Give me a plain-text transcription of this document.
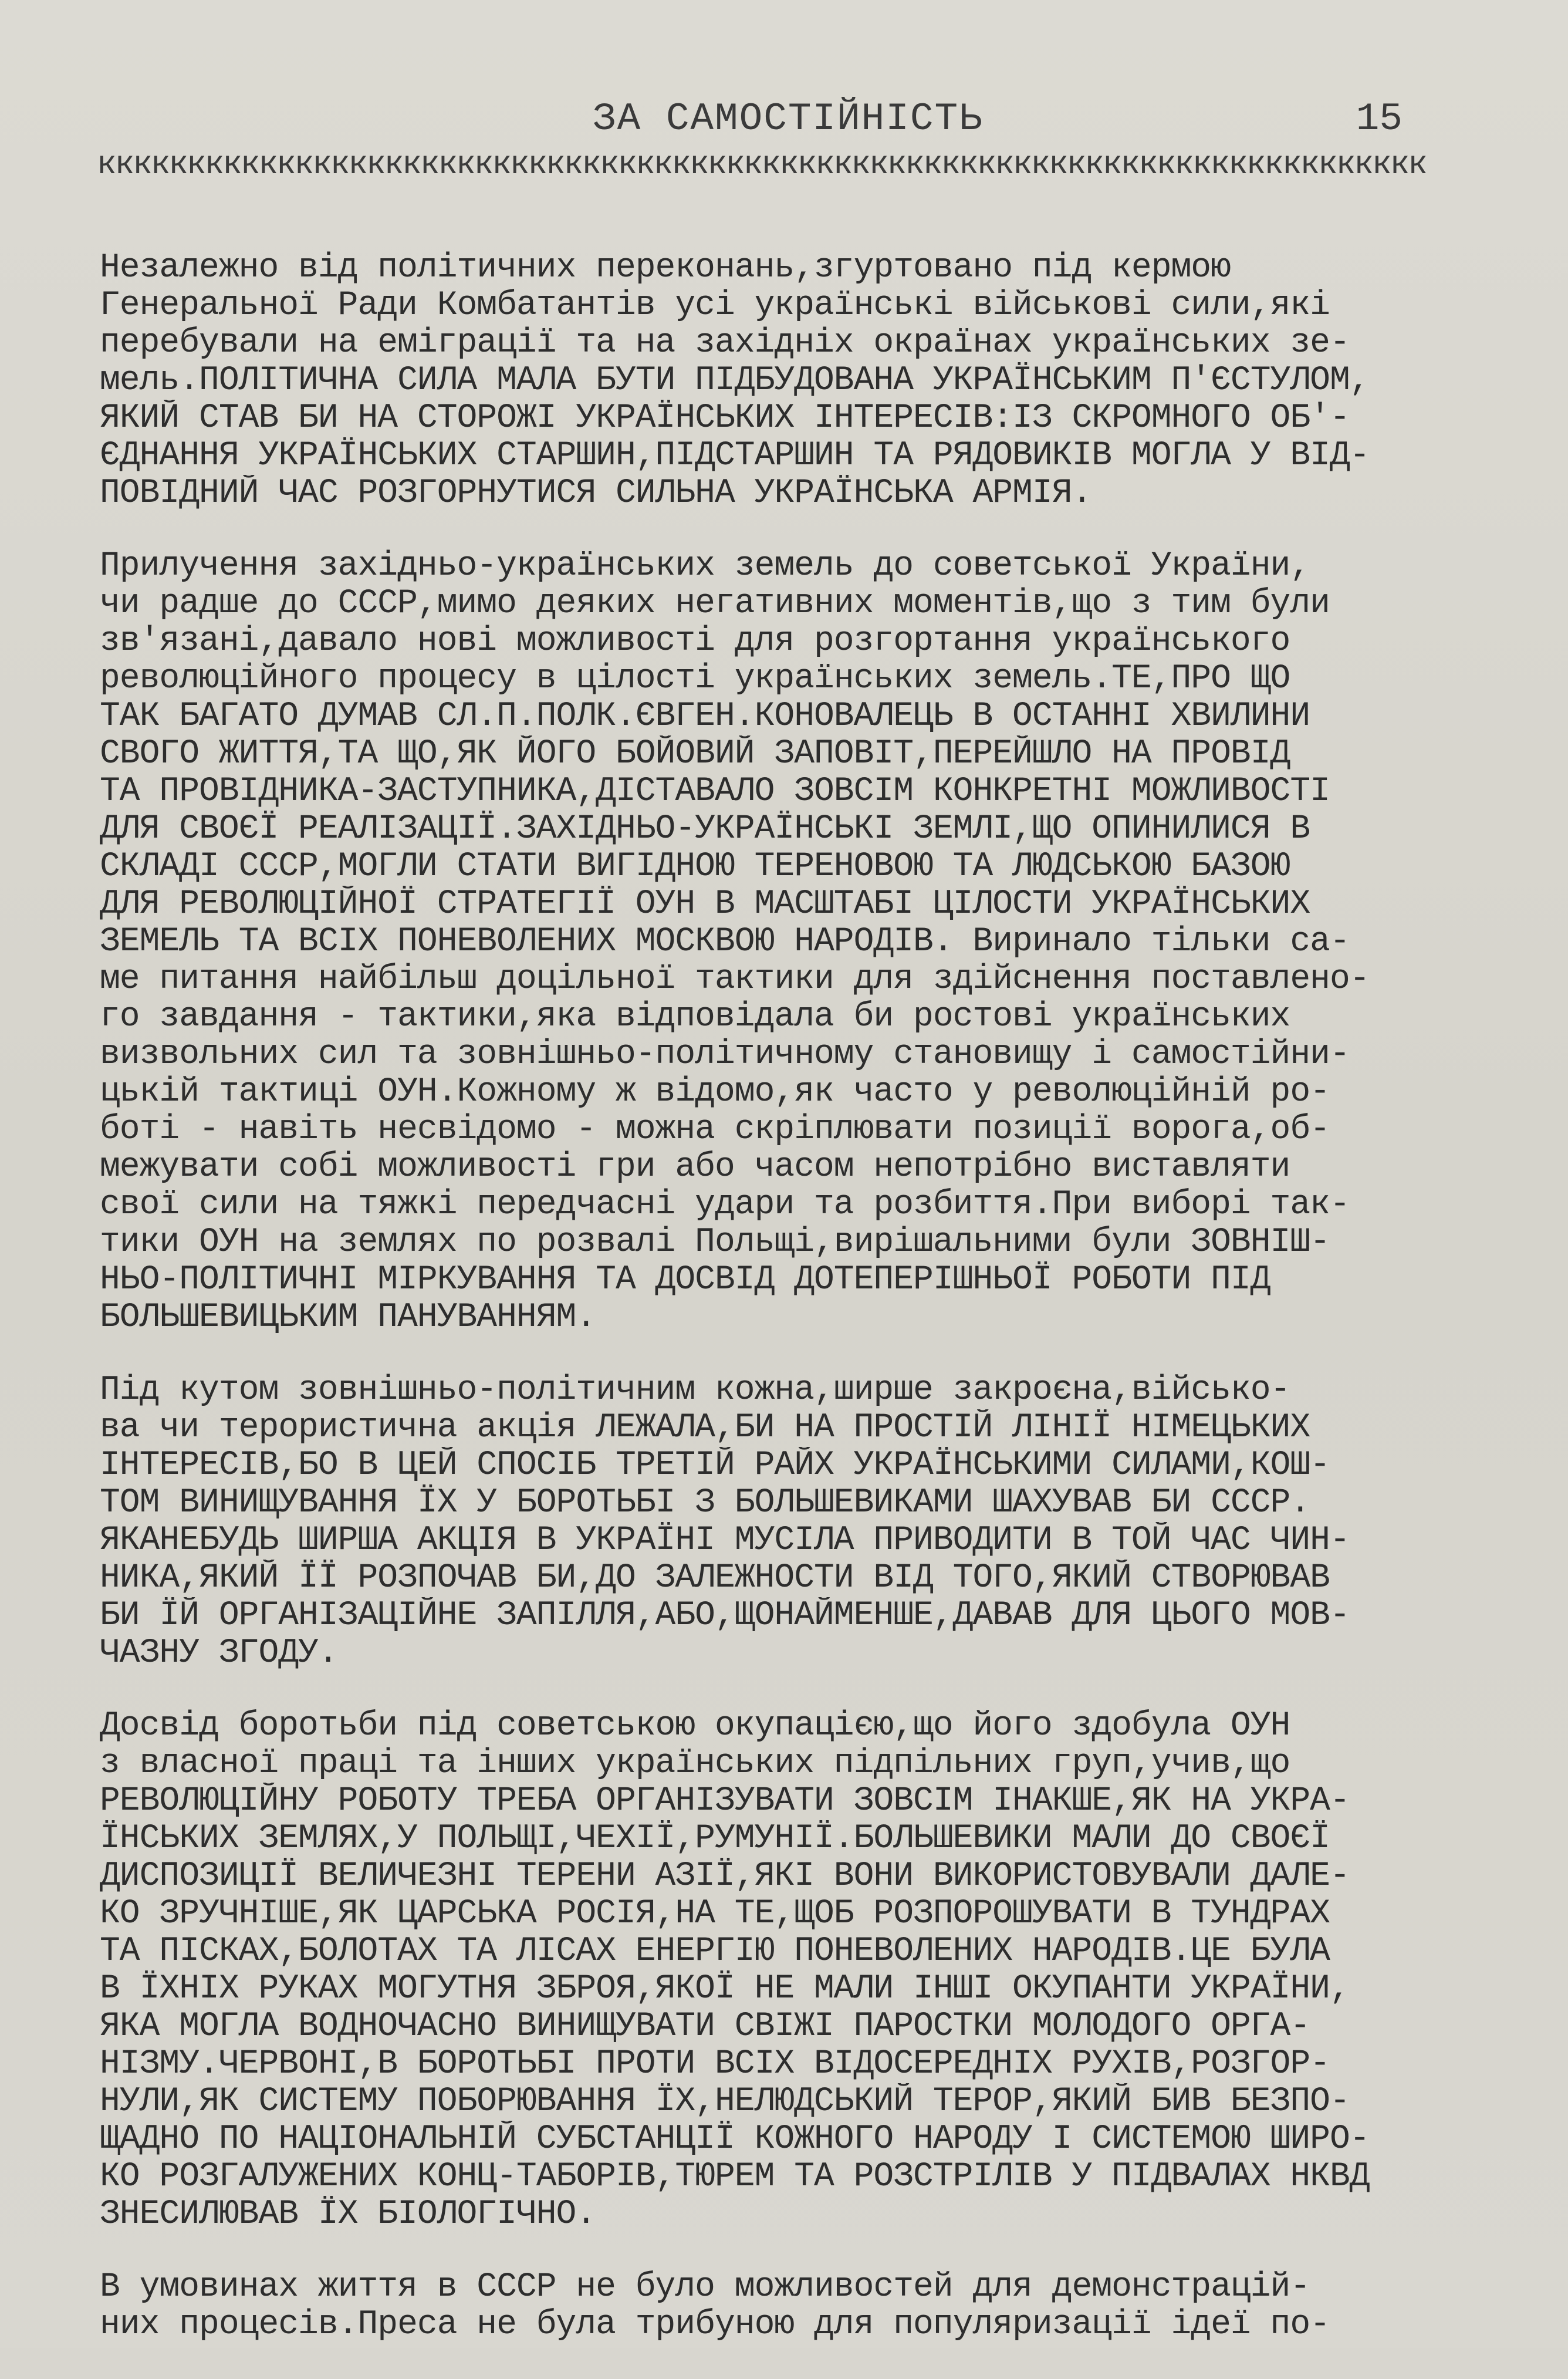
ЗА САМОСТІЙНІСТЬ	15
кккккккккккккккккккккккккккккккккккккккккккккккккккккккккккккккккккккккккк
Незалежно від політичних переконань,згуртовано під кермою
Генеральної Ради Комбатантів усі українські військові сили,які
перебували на еміграції та на західніх окраїнах українських зе-
мель.ПОЛІТИЧНА СИЛА МАЛА БУТИ ПІДБУДОВАНА УКРАЇНСЬКИМ П'ЄСТУЛОМ,
ЯКИЙ СТАВ БИ НА СТОРОЖІ УКРАЇНСЬКИХ ІНТЕРЕСІВ:ІЗ СКРОМНОГО ОБ'-
ЄДНАННЯ УКРАЇНСЬКИХ СТАРШИН,ПІДСТАРШИН ТА РЯДОВИКІВ МОГЛА У ВІД-
ПОВІДНИЙ ЧАС РОЗГОРНУТИСЯ СИЛЬНА УКРАЇНСЬКА АРМІЯ.
Прилучення західньо-українських земель до советської України,
чи радше до СССР,мимо деяких негативних моментів,що з тим були
зв'язані,давало нові можливості для розгортання українського
революційного процесу в цілості українських земель.ТЕ,ПРО ЩО
ТАК БАГАТО ДУМАВ СЛ.П.ПОЛК.ЄВГЕН.КОНОВАЛЕЦЬ В ОСТАННІ ХВИЛИНИ
СВОГО ЖИТТЯ,ТА ЩО,ЯК ЙОГО БОЙОВИЙ ЗАПОВІТ,ПЕРЕЙШЛО НА ПРОВІД
ТА ПРОВІДНИКА-ЗАСТУПНИКА,ДІСТАВАЛО ЗОВСІМ КОНКРЕТНІ МОЖЛИВОСТІ
ДЛЯ СВОЄЇ РЕАЛІЗАЦІЇ.ЗАХІДНЬО-УКРАЇНСЬКІ ЗЕМЛІ,ЩО ОПИНИЛИСЯ В
СКЛАДІ СССР,МОГЛИ СТАТИ ВИГІДНОЮ ТЕРЕНОВОЮ ТА ЛЮДСЬКОЮ БАЗОЮ
ДЛЯ РЕВОЛЮЦІЙНОЇ СТРАТЕГІЇ ОУН В МАСШТАБІ ЦІЛОСТИ УКРАЇНСЬКИХ
ЗЕМЕЛЬ ТА ВСІХ ПОНЕВОЛЕНИХ МОСКВОЮ НАРОДІВ. Виринало тільки са-
ме питання найбільш доцільної тактики для здійснення поставлено-
го завдання - тактики,яка відповідала би ростові українських
визвольних сил та зовнішньо-політичному становищу і самостійни-
цькій тактиці ОУН.Кожному ж відомо,як часто у революційній ро-
боті - навіть несвідомо - можна скріплювати позиції ворога,об-
межувати собі можливості гри або часом непотрібно виставляти
свої сили на тяжкі передчасні удари та розбиття.При виборі так-
тики ОУН на землях по розвалі Польщі,вирішальними були ЗОВНІШ-
НЬО-ПОЛІТИЧНІ МІРКУВАННЯ ТА ДОСВІД ДОТЕПЕРІШНЬОЇ РОБОТИ ПІД
БОЛЬШЕВИЦЬКИМ ПАНУВАННЯМ.
Під кутом зовнішньо-політичним кожна,ширше закроєна,військо-
ва чи терористична акція ЛЕЖАЛА,БИ НА ПРОСТІЙ ЛІНІЇ НІМЕЦЬКИХ
ІНТЕРЕСІВ,БО В ЦЕЙ СПОСІБ ТРЕТІЙ РАЙХ УКРАЇНСЬКИМИ СИЛАМИ,КОШ-
ТОМ ВИНИЩУВАННЯ ЇХ У БОРОТЬБІ З БОЛЬШЕВИКАМИ ШАХУВАВ БИ СССР.
ЯКАНЕБУДЬ ШИРША АКЦІЯ В УКРАЇНІ МУСІЛА ПРИВОДИТИ В ТОЙ ЧАС ЧИН-
НИКА,ЯКИЙ ЇЇ РОЗПОЧАВ БИ,ДО ЗАЛЕЖНОСТИ ВІД ТОГО,ЯКИЙ СТВОРЮВАВ
БИ ЇЙ ОРГАНІЗАЦІЙНЕ ЗАПІЛЛЯ,АБО,ЩОНАЙМЕНШЕ,ДАВАВ ДЛЯ ЦЬОГО МОВ-
ЧАЗНУ ЗГОДУ.
Досвід боротьби під советською окупацією,що його здобула ОУН
з власної праці та інших українських підпільних груп,учив,що
РЕВОЛЮЦІЙНУ РОБОТУ ТРЕБА ОРГАНІЗУВАТИ ЗОВСІМ ІНАКШЕ,ЯК НА УКРА-
ЇНСЬКИХ ЗЕМЛЯХ,У ПОЛЬЩІ,ЧЕХІЇ,РУМУНІЇ.БОЛЬШЕВИКИ МАЛИ ДО СВОЄЇ
ДИСПОЗИЦІЇ ВЕЛИЧЕЗНІ ТЕРЕНИ АЗІЇ,ЯКІ ВОНИ ВИКОРИСТОВУВАЛИ ДАЛЕ-
КО ЗРУЧНІШЕ,ЯК ЦАРСЬКА РОСІЯ,НА ТЕ,ЩОБ РОЗПОРОШУВАТИ В ТУНДРАХ
ТА ПІСКАХ,БОЛОТАХ ТА ЛІСАХ ЕНЕРГІЮ ПОНЕВОЛЕНИХ НАРОДІВ.ЦЕ БУЛА
В ЇХНІХ РУКАХ МОГУТНЯ ЗБРОЯ,ЯКОЇ НЕ МАЛИ ІНШІ ОКУПАНТИ УКРАЇНИ,
ЯКА МОГЛА ВОДНОЧАСНО ВИНИЩУВАТИ СВІЖІ ПАРОСТКИ МОЛОДОГО ОРГА-
НІЗМУ.ЧЕРВОНІ,В БОРОТЬБІ ПРОТИ ВСІХ ВІДОСЕРЕДНІХ РУХІВ,РОЗГОР-
НУЛИ,ЯК СИСТЕМУ ПОБОРЮВАННЯ ЇХ,НЕЛЮДСЬКИЙ ТЕРОР,ЯКИЙ БИВ БЕЗПО-
ЩАДНО ПО НАЦІОНАЛЬНІЙ СУБСТАНЦІЇ КОЖНОГО НАРОДУ І СИСТЕМОЮ ШИРО-
КО РОЗГАЛУЖЕНИХ КОНЦ-ТАБОРІВ,ТЮРЕМ ТА РОЗСТРІЛІВ У ПІДВАЛАХ НКВД
ЗНЕСИЛЮВАВ ЇХ БІОЛОГІЧНО.
В умовинах життя в СССР не було можливостей для демонстрацій-
них процесів.Преса не була трибуною для популяризації ідеї по-
